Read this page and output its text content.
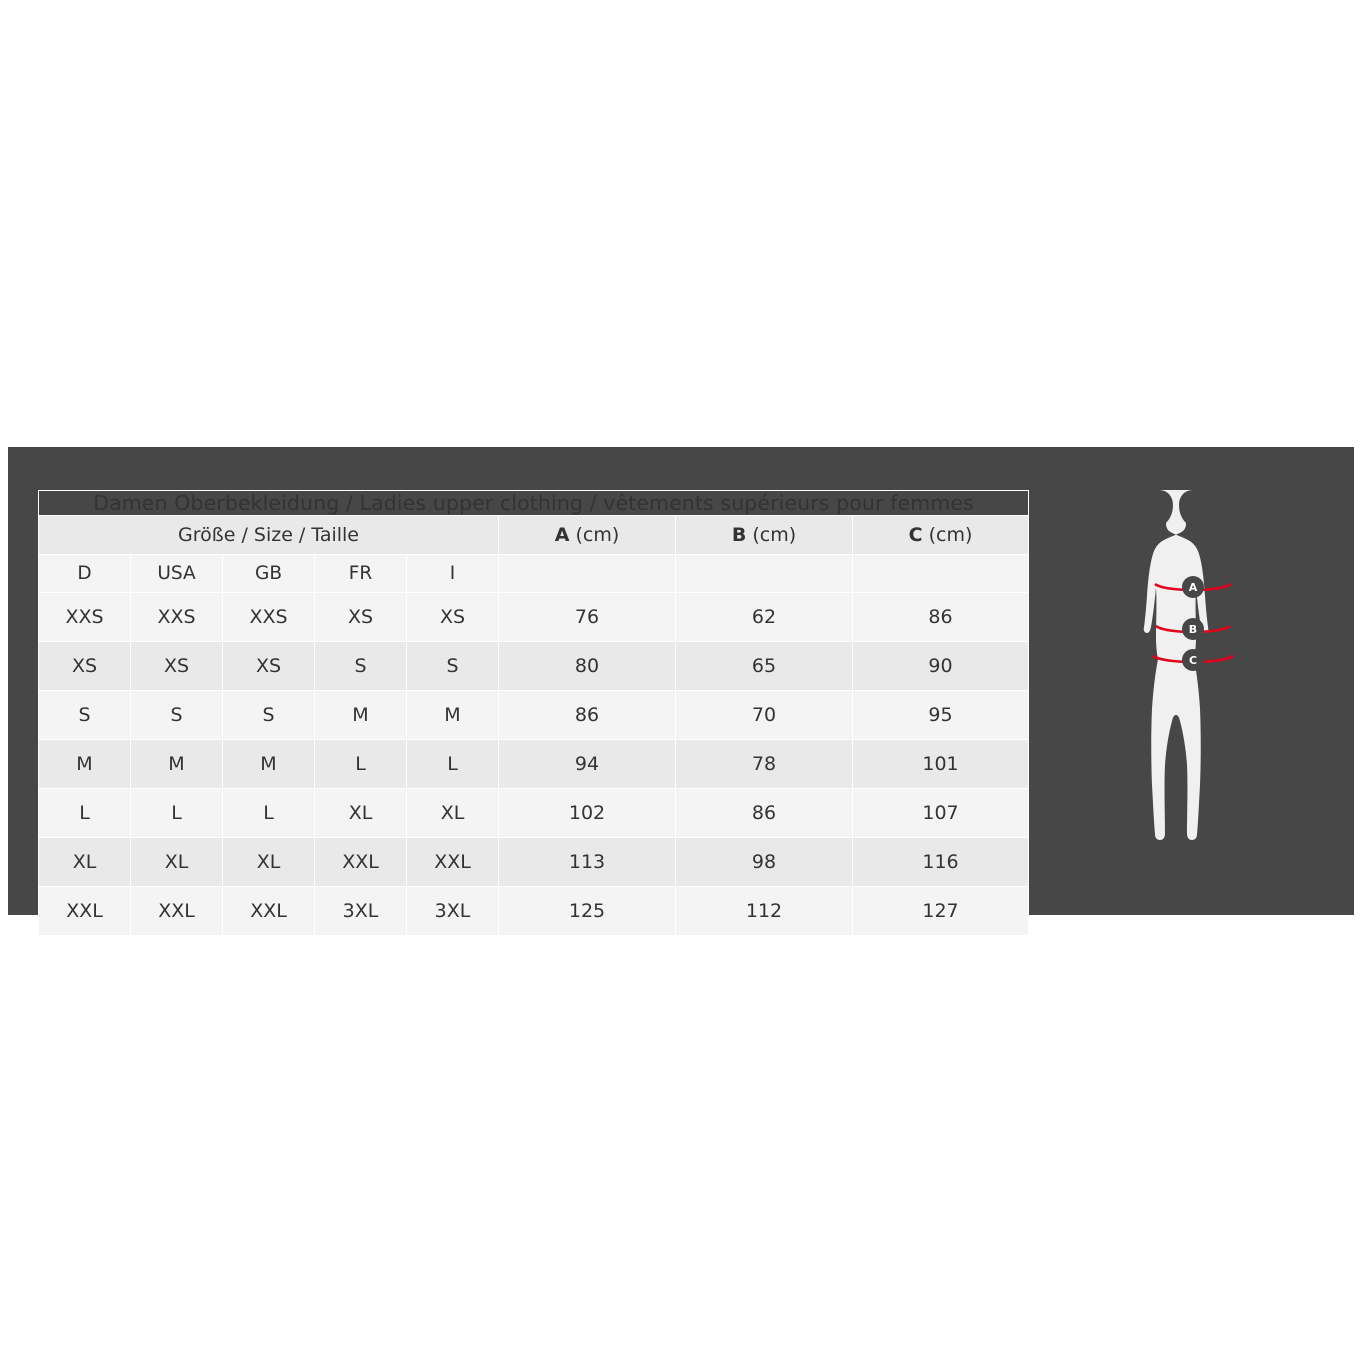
Damen Oberbekleidung / Ladies upper clothing / vêtements supérieurs pour femmes							
Größe / Size / Taille					A (cm)	B (cm)	C (cm)
D	USA	GB	FR	I			
XXS	XXS	XXS	XS	XS	76	62	86
XS	XS	XS	S	S	80	65	90
S	S	S	M	M	86	70	95
M	M	M	L	L	94	78	101
L	L	L	XL	XL	102	86	107
XL	XL	XL	XXL	XXL	113	98	116
XXL	XXL	XXL	3XL	3XL	125	112	127
A
B
C
